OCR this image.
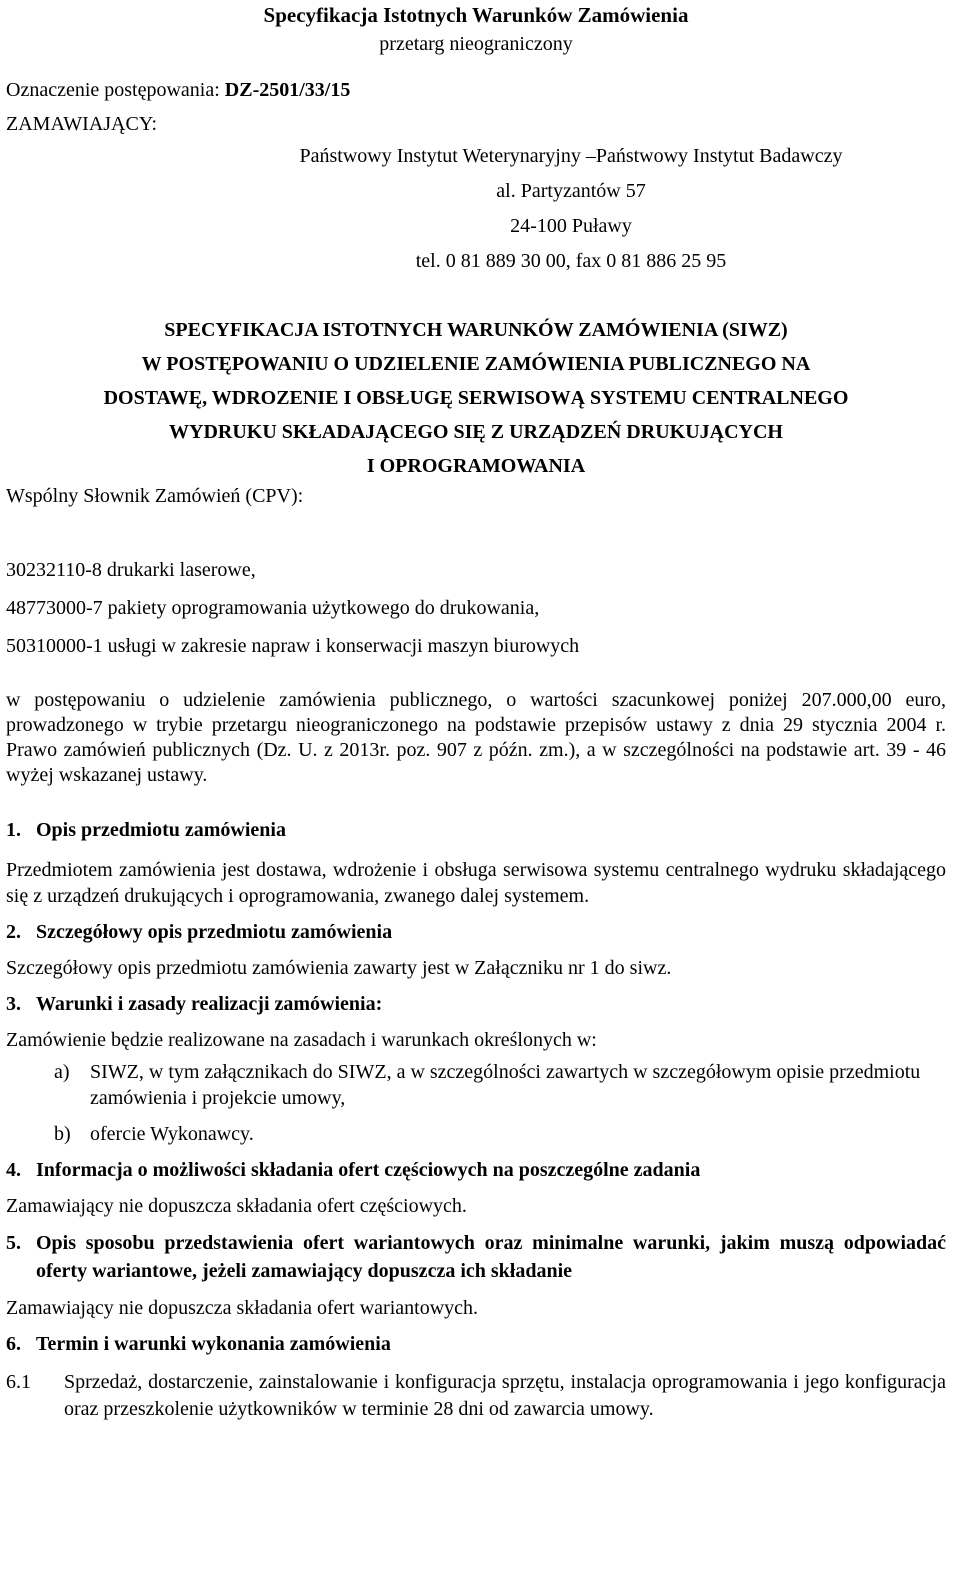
Specyfikacja Istotnych Warunków Zamówienia
przetarg nieograniczony
Oznaczenie postępowania: DZ-2501/33/15
ZAMAWIAJĄCY:
Państwowy Instytut Weterynaryjny –Państwowy Instytut Badawczy
al. Partyzantów 57
24-100 Puławy
tel. 0 81 889 30 00, fax 0 81 886 25 95
SPECYFIKACJA ISTOTNYCH WARUNKÓW ZAMÓWIENIA (SIWZ)
W POSTĘPOWANIU O UDZIELENIE ZAMÓWIENIA PUBLICZNEGO NA
DOSTAWĘ, WDROZENIE I OBSŁUGĘ SERWISOWĄ SYSTEMU CENTRALNEGO
WYDRUKU SKŁADAJĄCEGO SIĘ Z URZĄDZEŃ DRUKUJĄCYCH
I OPROGRAMOWANIA
Wspólny Słownik Zamówień (CPV):
30232110-8 drukarki laserowe,
48773000-7 pakiety oprogramowania użytkowego do drukowania,
50310000-1 usługi w zakresie napraw i konserwacji maszyn biurowych
w postępowaniu o udzielenie zamówienia publicznego, o wartości szacunkowej poniżej 207.000,00 euro, prowadzonego w trybie przetargu nieograniczonego na podstawie przepisów ustawy z dnia 29 stycznia 2004 r. Prawo zamówień publicznych (Dz. U. z 2013r. poz. 907 z późn. zm.), a w szczególności na podstawie art. 39 - 46 wyżej wskazanej ustawy.
1. Opis przedmiotu zamówienia
Przedmiotem zamówienia jest dostawa, wdrożenie i obsługa serwisowa systemu centralnego wydruku składającego się z urządzeń drukujących i oprogramowania, zwanego dalej systemem.
2. Szczegółowy opis przedmiotu zamówienia
Szczegółowy opis przedmiotu zamówienia zawarty jest w Załączniku nr 1 do siwz.
3. Warunki i zasady realizacji zamówienia:
Zamówienie będzie realizowane na zasadach i warunkach określonych w:
a) SIWZ, w tym załącznikach do SIWZ, a w szczególności zawartych w szczegółowym opisie przedmiotu zamówienia i projekcie umowy,
b) ofercie Wykonawcy.
4. Informacja o możliwości składania ofert częściowych na poszczególne zadania
Zamawiający nie dopuszcza składania ofert częściowych.
5. Opis sposobu przedstawienia ofert wariantowych oraz minimalne warunki, jakim muszą odpowiadać oferty wariantowe, jeżeli zamawiający dopuszcza ich składanie
Zamawiający nie dopuszcza składania ofert wariantowych.
6. Termin i warunki wykonania zamówienia
6.1	Sprzedaż, dostarczenie, zainstalowanie i konfiguracja sprzętu, instalacja oprogramowania i jego konfiguracja oraz przeszkolenie użytkowników w terminie 28 dni od zawarcia umowy.
